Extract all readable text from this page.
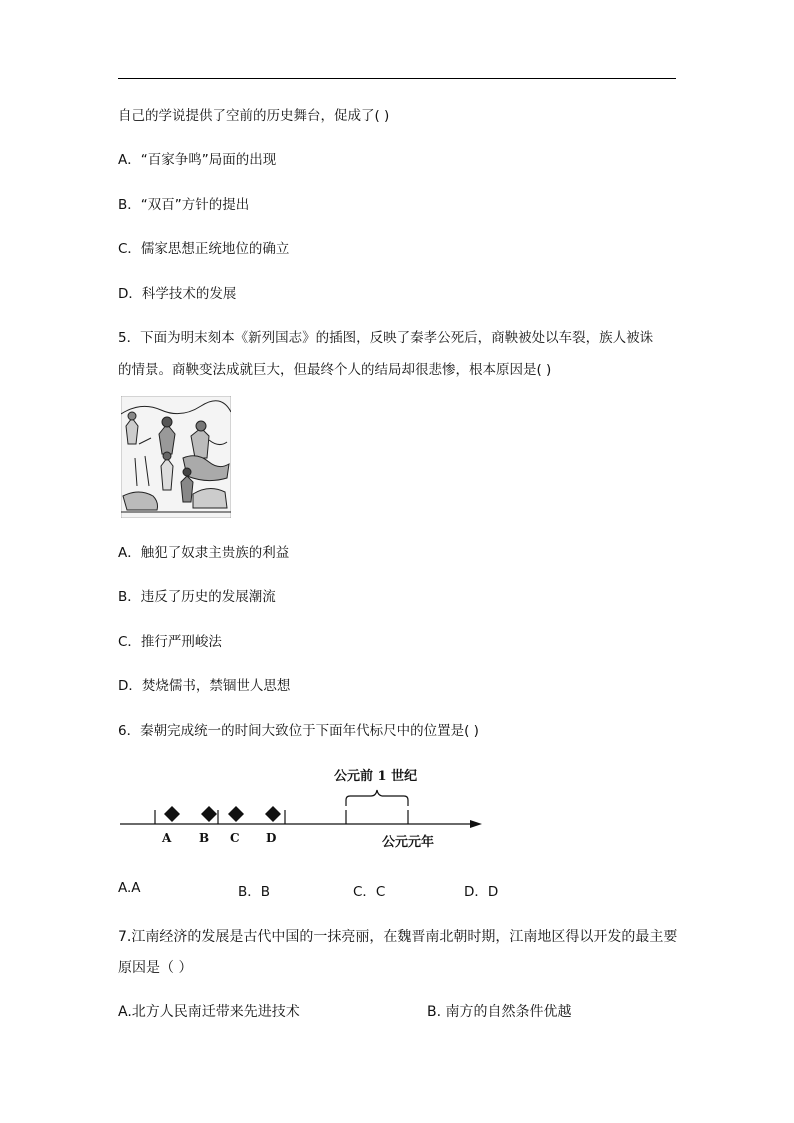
自己的学说提供了空前的历史舞台，促成了( )
A．“百家争鸣”局面的出现
B．“双百”方针的提出
C．儒家思想正统地位的确立
D．科学技术的发展
5．下面为明末刻本《新列国志》的插图，反映了秦孝公死后，商鞅被处以车裂，族人被诛
的情景。商鞅变法成就巨大，但最终个人的结局却很悲惨，根本原因是( )
A．触犯了奴隶主贵族的利益
B．违反了历史的发展潮流
C．推行严刑峻法
D．焚烧儒书，禁锢世人思想
6．秦朝完成统一的时间大致位于下面年代标尺中的位置是( )
公元前 1 世纪
公元元年
A B C D
A.A	B．B	C．C	D．D
7.江南经济的发展是古代中国的一抹亮丽，在魏晋南北朝时期，江南地区得以开发的最主要
原因是（ ）
A.北方人民南迁带来先进技术	B. 南方的自然条件优越
